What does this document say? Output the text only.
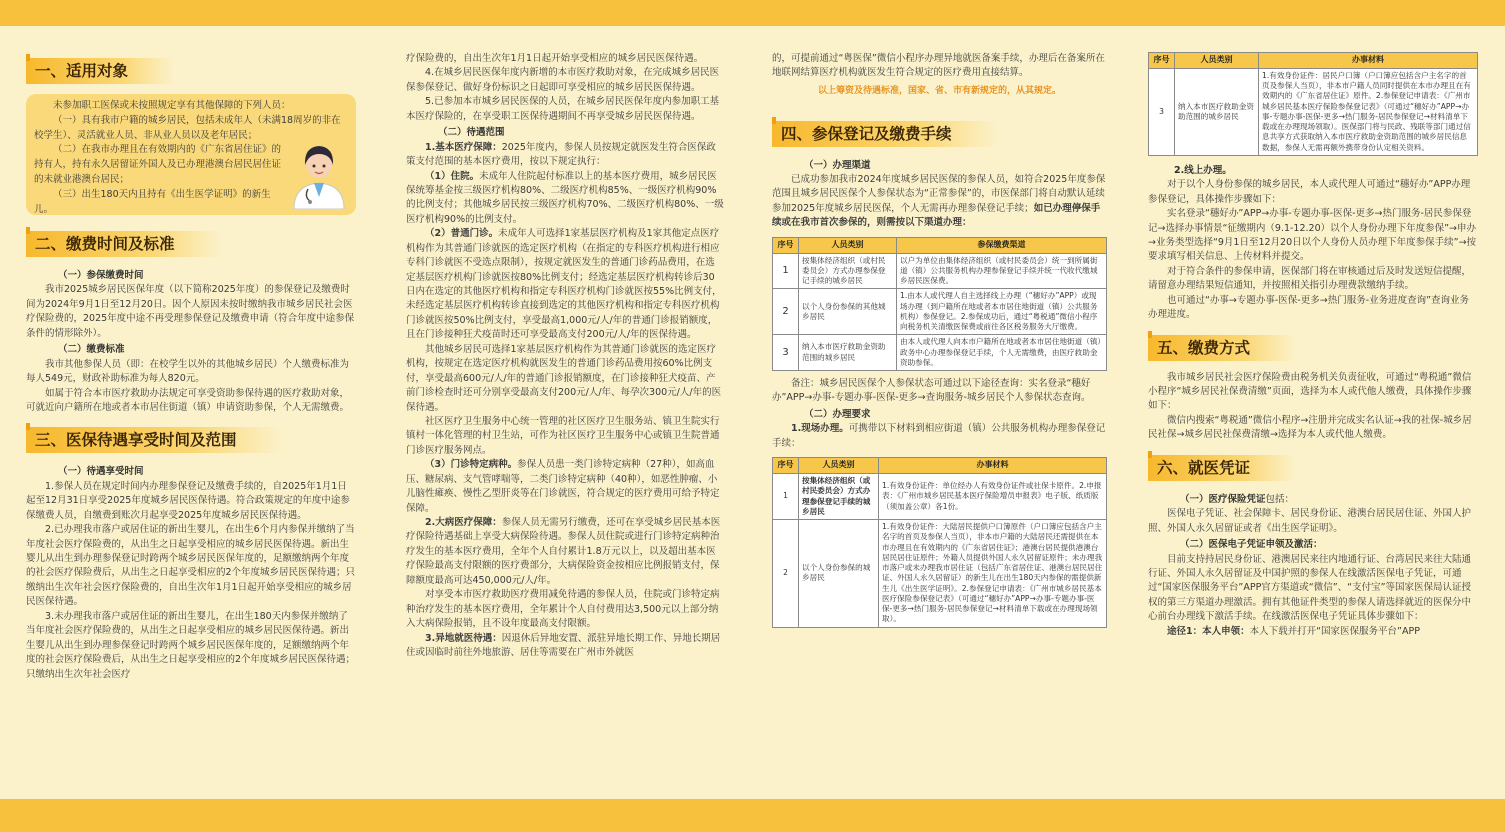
一、适用对象

未参加职工医保或未按照规定享有其他保障的下列人员：

（一）具有我市户籍的城乡居民，包括未成年人（未满18周岁的非在校学生）、灵活就业人员、非从业人员以及老年居民；

（二）在我市办理且在有效期内的《广东省居住证》的持有人，持有永久居留证外国人及已办理港澳台居民居住证的未就业港澳台居民；

（三）出生180天内且持有《出生医学证明》的新生儿。

二、缴费时间及标准
（一）参保缴费时间

我市2025城乡居民医保年度（以下简称2025年度）的参保登记及缴费时间为2024年9月1日至12月20日。因个人原因未按时缴纳我市城乡居民社会医疗保险费的，2025年度中途不再受理参保登记及缴费申请（符合年度中途参保条件的情形除外）。

（二）缴费标准

我市其他参保人员（即：在校学生以外的其他城乡居民）个人缴费标准为每人549元，财政补助标准为每人820元。

如属于符合本市医疗救助办法规定可享受资助参保待遇的医疗救助对象，可就近向户籍所在地或者本市居住街道（镇）申请资助参保，个人无需缴费。

三、医保待遇享受时间及范围
（一）待遇享受时间

1.参保人员在规定时间内办理参保登记及缴费手续的，自2025年1月1日起至12月31日享受2025年度城乡居民医保待遇。符合政策规定的年度中途参保缴费人员，自缴费到账次月起享受2025年度城乡居民医保待遇。

2.已办理我市落户或居住证的新出生婴儿，在出生6个月内参保并缴纳了当年度社会医疗保险费的，从出生之日起享受相应的城乡居民医保待遇。新出生婴儿从出生到办理参保登记时跨两个城乡居民医保年度的，足额缴纳两个年度的社会医疗保险费后，从出生之日起享受相应的2个年度城乡居民医保待遇；只缴纳出生次年社会医疗保险费的，自出生次年1月1日起开始享受相应的城乡居民医保待遇。

3.未办理我市落户或居住证的新出生婴儿，在出生180天内参保并缴纳了当年度社会医疗保险费的，从出生之日起享受相应的城乡居民医保待遇。新出生婴儿从出生到办理参保登记时跨两个城乡居民医保年度的，足额缴纳两个年度的社会医疗保险费后，从出生之日起享受相应的2个年度城乡居民医保待遇；只缴纳出生次年社会医疗

疗保险费的，自出生次年1月1日起开始享受相应的城乡居民医保待遇。

4.在城乡居民医保年度内新增的本市医疗救助对象，在完成城乡居民医保参保登记、做好身份标识之日起即可享受相应的城乡居民医保待遇。

5.已参加本市城乡居民医保的人员，在城乡居民医保年度内参加职工基本医疗保险的，在享受职工医保待遇期间不再享受城乡居民医保待遇。

（二）待遇范围

1.基本医疗保障：2025年度内，参保人员按规定就医发生符合医保政策支付范围的基本医疗费用，按以下规定执行：

（1）住院。未成年人住院起付标准以上的基本医疗费用，城乡居民医保统筹基金按三级医疗机构80%、二级医疗机构85%、一级医疗机构90%的比例支付；其他城乡居民按三级医疗机构70%、二级医疗机构80%、一级医疗机构90%的比例支付。

（2）普通门诊。未成年人可选择1家基层医疗机构及1家其他定点医疗机构作为其普通门诊就医的选定医疗机构（在指定的专科医疗机构进行相应专科门诊就医不受选点限制），按规定就医发生的普通门诊药品费用，在选定基层医疗机构门诊就医按80%比例支付；经选定基层医疗机构转诊后30日内在选定的其他医疗机构和指定专科医疗机构门诊就医按55%比例支付，未经选定基层医疗机构转诊直接到选定的其他医疗机构和指定专科医疗机构门诊就医按50%比例支付，享受最高1,000元/人/年的普通门诊报销额度，且在门诊接种狂犬疫苗时还可享受最高支付200元/人/年的医保待遇。

其他城乡居民可选择1家基层医疗机构作为其普通门诊就医的选定医疗机构，按规定在选定医疗机构就医发生的普通门诊药品费用按60%比例支付，享受最高600元/人/年的普通门诊报销额度，在门诊接种狂犬疫苗、产前门诊检查时还可分别享受最高支付200元/人/年、每孕次300元/人/年的医保待遇。

社区医疗卫生服务中心统一管理的社区医疗卫生服务站、镇卫生院实行镇村一体化管理的村卫生站，可作为社区医疗卫生服务中心或镇卫生院普通门诊医疗服务网点。

（3）门诊特定病种。参保人员患一类门诊特定病种（27种），如高血压、糖尿病、支气管哮喘等，二类门诊特定病种（40种），如恶性肿瘤、小儿脑性瘫痪、慢性乙型肝炎等在门诊就医，符合规定的医疗费用可给予特定保障。

2.大病医疗保障：参保人员无需另行缴费，还可在享受城乡居民基本医疗保险待遇基础上享受大病保险待遇。参保人员住院或进行门诊特定病种治疗发生的基本医疗费用，全年个人自付累计1.8万元以上，以及超出基本医疗保险最高支付限额的医疗费部分，大病保险资金按相应比例报销支付，保障额度最高可达450,000元/人/年。

对享受本市医疗救助医疗费用减免待遇的参保人员，住院或门诊特定病种治疗发生的基本医疗费用，全年累计个人自付费用达3,500元以上部分纳入大病保险报销，且不设年度最高支付限额。

3.异地就医待遇：因退休后异地安置、派驻异地长期工作、异地长期居住或因临时前往外地旅游、居住等需要在广州市外就医

的，可提前通过“粤医保”微信小程序办理异地就医备案手续，办理后在备案所在地联网结算医疗机构就医发生符合规定的医疗费用直接结算。

以上筹资及待遇标准，国家、省、市有新规定的，从其规定。
四、参保登记及缴费手续
（一）办理渠道

已成功参加我市2024年度城乡居民医保的参保人员，如符合2025年度参保范围且城乡居民医保个人参保状态为“正常参保”的，市医保部门将自动默认延续参加2025年度城乡居民医保，个人无需再办理参保登记手续；如已办理停保手续或在我市首次参保的，则需按以下渠道办理：

序号	人员类别	参保缴费渠道
1	按集体经济组织（或村民委员会）方式办理参保登记手续的城乡居民	以户为单位由集体经济组织（或村民委员会）统一到所属街道（镇）公共服务机构办理参保登记手续并统一代收代缴城乡居民医保费。
2	以个人身份参保的其他城乡居民	1.由本人或代理人自主选择线上办理（“穗好办”APP）或现场办理（到户籍所在地或者本市居住地街道（镇）公共服务机构）参保登记。2.参保成功后，通过“粤税通”微信小程序向税务机关清缴医保费或前往各区税务服务大厅缴费。
3	纳入本市医疗救助金资助范围的城乡居民	由本人或代理人向本市户籍所在地或者本市居住地街道（镇）政务中心办理参保登记手续，个人无需缴费，由医疗救助金资助参保。

备注：城乡居民医保个人参保状态可通过以下途径查询：实名登录“穗好办”APP→办事-专题办事-医保-更多→查询服务-城乡居民个人参保状态查询。

（二）办理要求

1.现场办理。可携带以下材料到相应街道（镇）公共服务机构办理参保登记手续：

序号	人员类别	办事材料
1	按集体经济组织（或村民委员会）方式办理参保登记手续的城乡居民	1.有效身份证件：单位经办人有效身份证件或社保卡原件。2.申报表：《广州市城乡居民基本医疗保险增员申报表》电子版、纸质版（须加盖公章）各1份。
2	以个人身份参保的城乡居民	1.有效身份证件：大陆居民提供户口簿原件（户口簿应包括含户主名字的首页及参保人当页），非本市户籍的大陆居民还需提供在本市办理且在有效期内的《广东省居住证》；港澳台居民提供港澳台居民居住证原件；外籍人员提供外国人永久居留证原件；未办理我市落户或未办理我市居住证（包括广东省居住证、港澳台居民居住证、外国人永久居留证）的新生儿在出生180天内参保的需提供新生儿《出生医学证明》。2.参保登记申请表：《广州市城乡居民基本医疗保险参保登记表》（可通过“穗好办”APP→办事-专题办事-医保-更多→热门服务-居民参保登记→材料清单下载或在办理现场领取）。
序号	人员类别	办事材料
3	纳入本市医疗救助金资助范围的城乡居民	1.有效身份证件：居民户口簿（户口簿应包括含户主名字的首页及参保人当页），非本市户籍人员同时提供在本市办理且在有效期内的《广东省居住证》原件。2.参保登记申请表：《广州市城乡居民基本医疗保险参保登记表》（可通过“穗好办”APP→办事-专题办事-医保-更多→热门服务-居民参保登记→材料清单下载或在办理现场领取）。医保部门将与民政、残联等部门通过信息共享方式获取纳入本市医疗救助金资助范围的城乡居民信息数据，参保人无需再额外携带身份认定相关资料。
2.线上办理。

对于以个人身份参保的城乡居民，本人或代理人可通过“穗好办”APP办理参保登记，具体操作步骤如下：

实名登录“穗好办”APP→办事-专题办事-医保-更多→热门服务-居民参保登记→选择办事情景“征缴期内（9.1-12.20）以个人身份办理下年度参保”→申办→业务类型选择“9月1日至12月20日以个人身份人员办理下年度参保手续”→按要求填写相关信息、上传材料并提交。

对于符合条件的参保申请，医保部门将在审核通过后及时发送短信提醒，请留意办理结果短信通知，并按照相关指引办理费款缴纳手续。

也可通过“办事→专题办事-医保-更多→热门服务-业务进度查询”查询业务办理进度。

五、缴费方式

我市城乡居民社会医疗保险费由税务机关负责征收，可通过“粤税通”微信小程序“城乡居民社保费清缴”页面，选择为本人或代他人缴费，具体操作步骤如下：

微信内搜索“粤税通”微信小程序→注册并完成实名认证→我的社保-城乡居民社保→城乡居民社保费清缴→选择为本人或代他人缴费。

六、就医凭证
（一）医疗保险凭证包括：

医保电子凭证、社会保障卡、居民身份证、港澳台居民居住证、外国人护照、外国人永久居留证或者《出生医学证明》。

（二）医保电子凭证申领及激活：

目前支持持居民身份证、港澳居民来往内地通行证、台湾居民来往大陆通行证、外国人永久居留证及中国护照的参保人在线激活医保电子凭证，可通过“国家医保服务平台”APP官方渠道或“微信”、“支付宝”等国家医保局认证授权的第三方渠道办理激活。拥有其他证件类型的参保人请选择就近的医保分中心前台办理线下激活手续。在线激活医保电子凭证具体步骤如下：

途径1：本人申领：本人下载并打开“国家医保服务平台”APP
